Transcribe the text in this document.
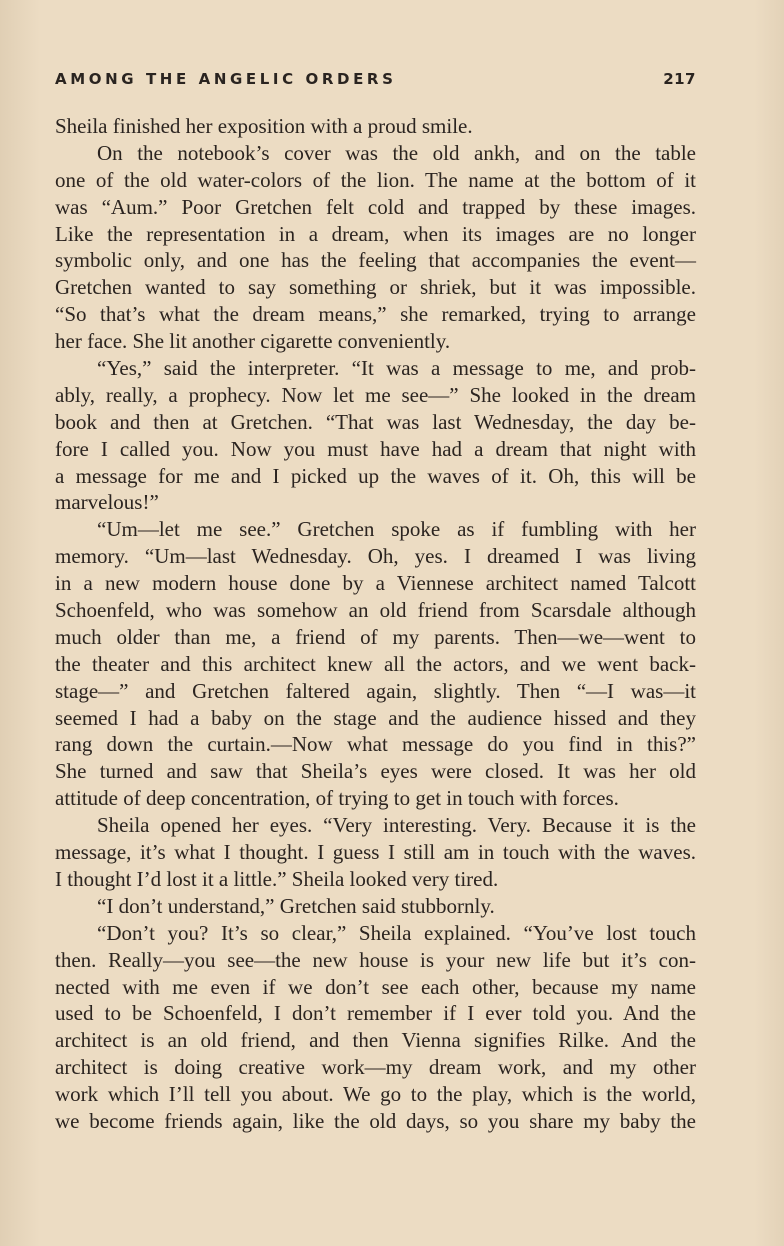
AMONG THE ANGELIC ORDERS	217
Sheila finished her exposition with a proud smile.
On the notebook’s cover was the old ankh, and on the table
one of the old water-colors of the lion. The name at the bottom of it
was “Aum.” Poor Gretchen felt cold and trapped by these images.
Like the representation in a dream, when its images are no longer
symbolic only, and one has the feeling that accompanies the event—
Gretchen wanted to say something or shriek, but it was impossible.
“So that’s what the dream means,” she remarked, trying to arrange
her face. She lit another cigarette conveniently.
“Yes,” said the interpreter. “It was a message to me, and prob-
ably, really, a prophecy. Now let me see—” She looked in the dream
book and then at Gretchen. “That was last Wednesday, the day be-
fore I called you. Now you must have had a dream that night with
a message for me and I picked up the waves of it. Oh, this will be
marvelous!”
“Um—let me see.” Gretchen spoke as if fumbling with her
memory. “Um—last Wednesday. Oh, yes. I dreamed I was living
in a new modern house done by a Viennese architect named Talcott
Schoenfeld, who was somehow an old friend from Scarsdale although
much older than me, a friend of my parents. Then—we—went to
the theater and this architect knew all the actors, and we went back-
stage—” and Gretchen faltered again, slightly. Then “—I was—it
seemed I had a baby on the stage and the audience hissed and they
rang down the curtain.—Now what message do you find in this?”
She turned and saw that Sheila’s eyes were closed. It was her old
attitude of deep concentration, of trying to get in touch with forces.
Sheila opened her eyes. “Very interesting. Very. Because it is the
message, it’s what I thought. I guess I still am in touch with the waves.
I thought I’d lost it a little.” Sheila looked very tired.
“I don’t understand,” Gretchen said stubbornly.
“Don’t you? It’s so clear,” Sheila explained. “You’ve lost touch
then. Really—you see—the new house is your new life but it’s con-
nected with me even if we don’t see each other, because my name
used to be Schoenfeld, I don’t remember if I ever told you. And the
architect is an old friend, and then Vienna signifies Rilke. And the
architect is doing creative work—my dream work, and my other
work which I’ll tell you about. We go to the play, which is the world,
we become friends again, like the old days, so you share my baby the
